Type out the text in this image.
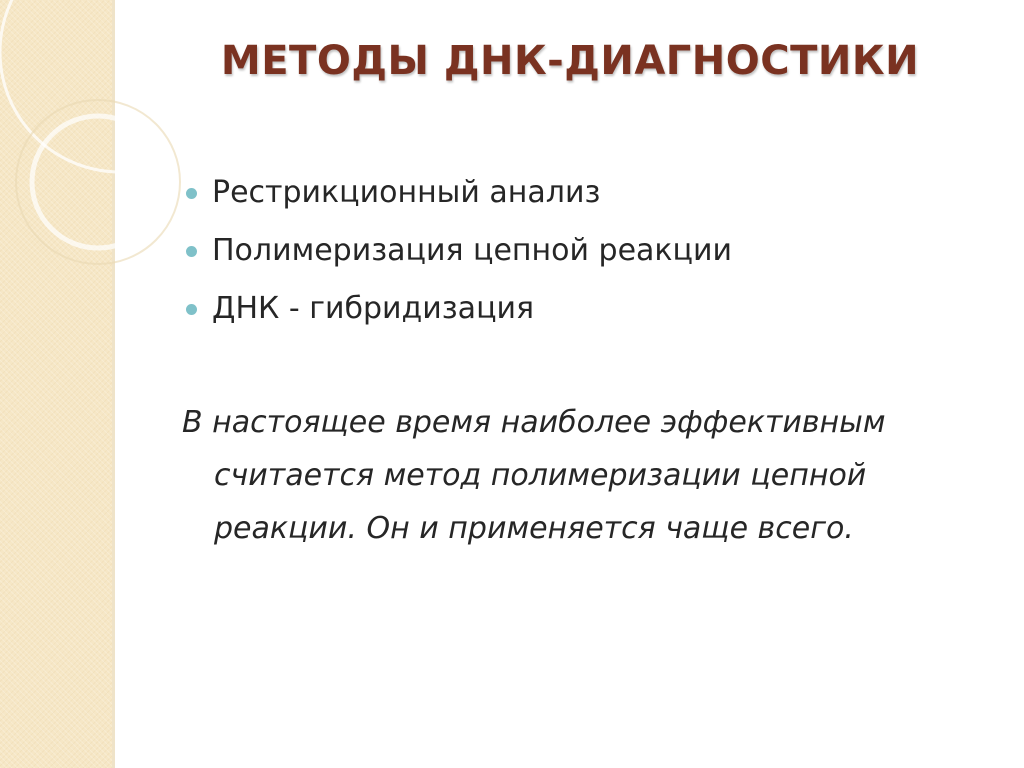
МЕТОДЫ ДНК-ДИАГНОСТИКИ
Рестрикционный анализ
Полимеризация цепной реакции
ДНК - гибридизация

В настоящее время наиболее эффективным считается метод полимеризации цепной реакции. Он и применяется чаще всего.
